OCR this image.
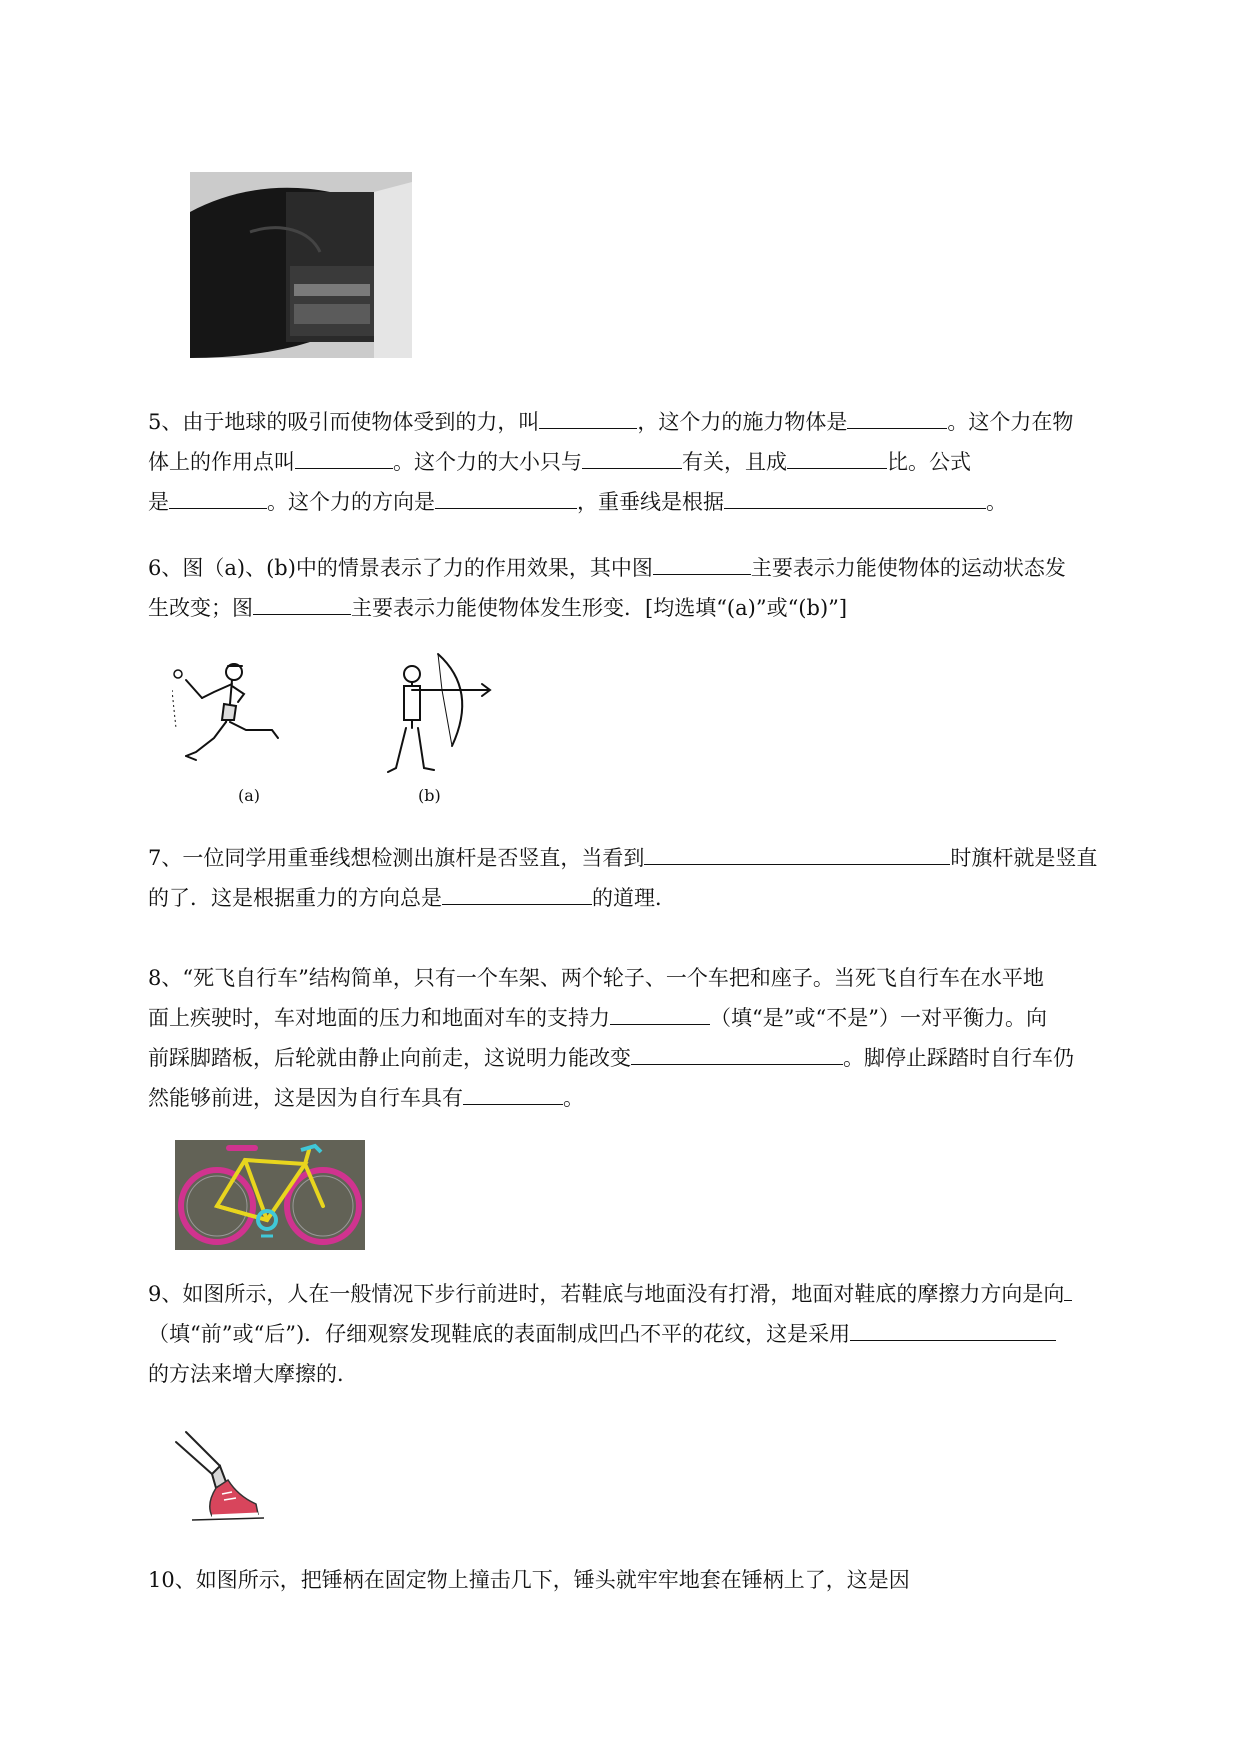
5、由于地球的吸引而使物体受到的力，叫	，这个力的施力物体是	。这个力在物
体上的作用点叫	。这个力的大小只与	有关，且成	比。公式
是	。这个力的方向是	，重垂线是根据	。
6、图（a)、(b)中的情景表示了力的作用效果，其中图	主要表示力能使物体的运动状态发
生改变；图	主要表示力能使物体发生形变．[均选填“(a)”或“(b)”]
(a)	(b)
7、一位同学用重垂线想检测出旗杆是否竖直，当看到	时旗杆就是竖直
的了．这是根据重力的方向总是	的道理．
8、“死飞自行车”结构简单，只有一个车架、两个轮子、一个车把和座子。当死飞自行车在水平地
面上疾驶时，车对地面的压力和地面对车的支持力	（填“是”或“不是”）一对平衡力。向
前踩脚踏板，后轮就由静止向前走，这说明力能改变	。脚停止踩踏时自行车仍
然能够前进，这是因为自行车具有	。
9、如图所示，人在一般情况下步行前进时，若鞋底与地面没有打滑，地面对鞋底的摩擦力方向是向
（填“前”或“后”)．仔细观察发现鞋底的表面制成凹凸不平的花纹，这是采用
的方法来增大摩擦的．
10、如图所示，把锤柄在固定物上撞击几下，锤头就牢牢地套在锤柄上了，这是因
